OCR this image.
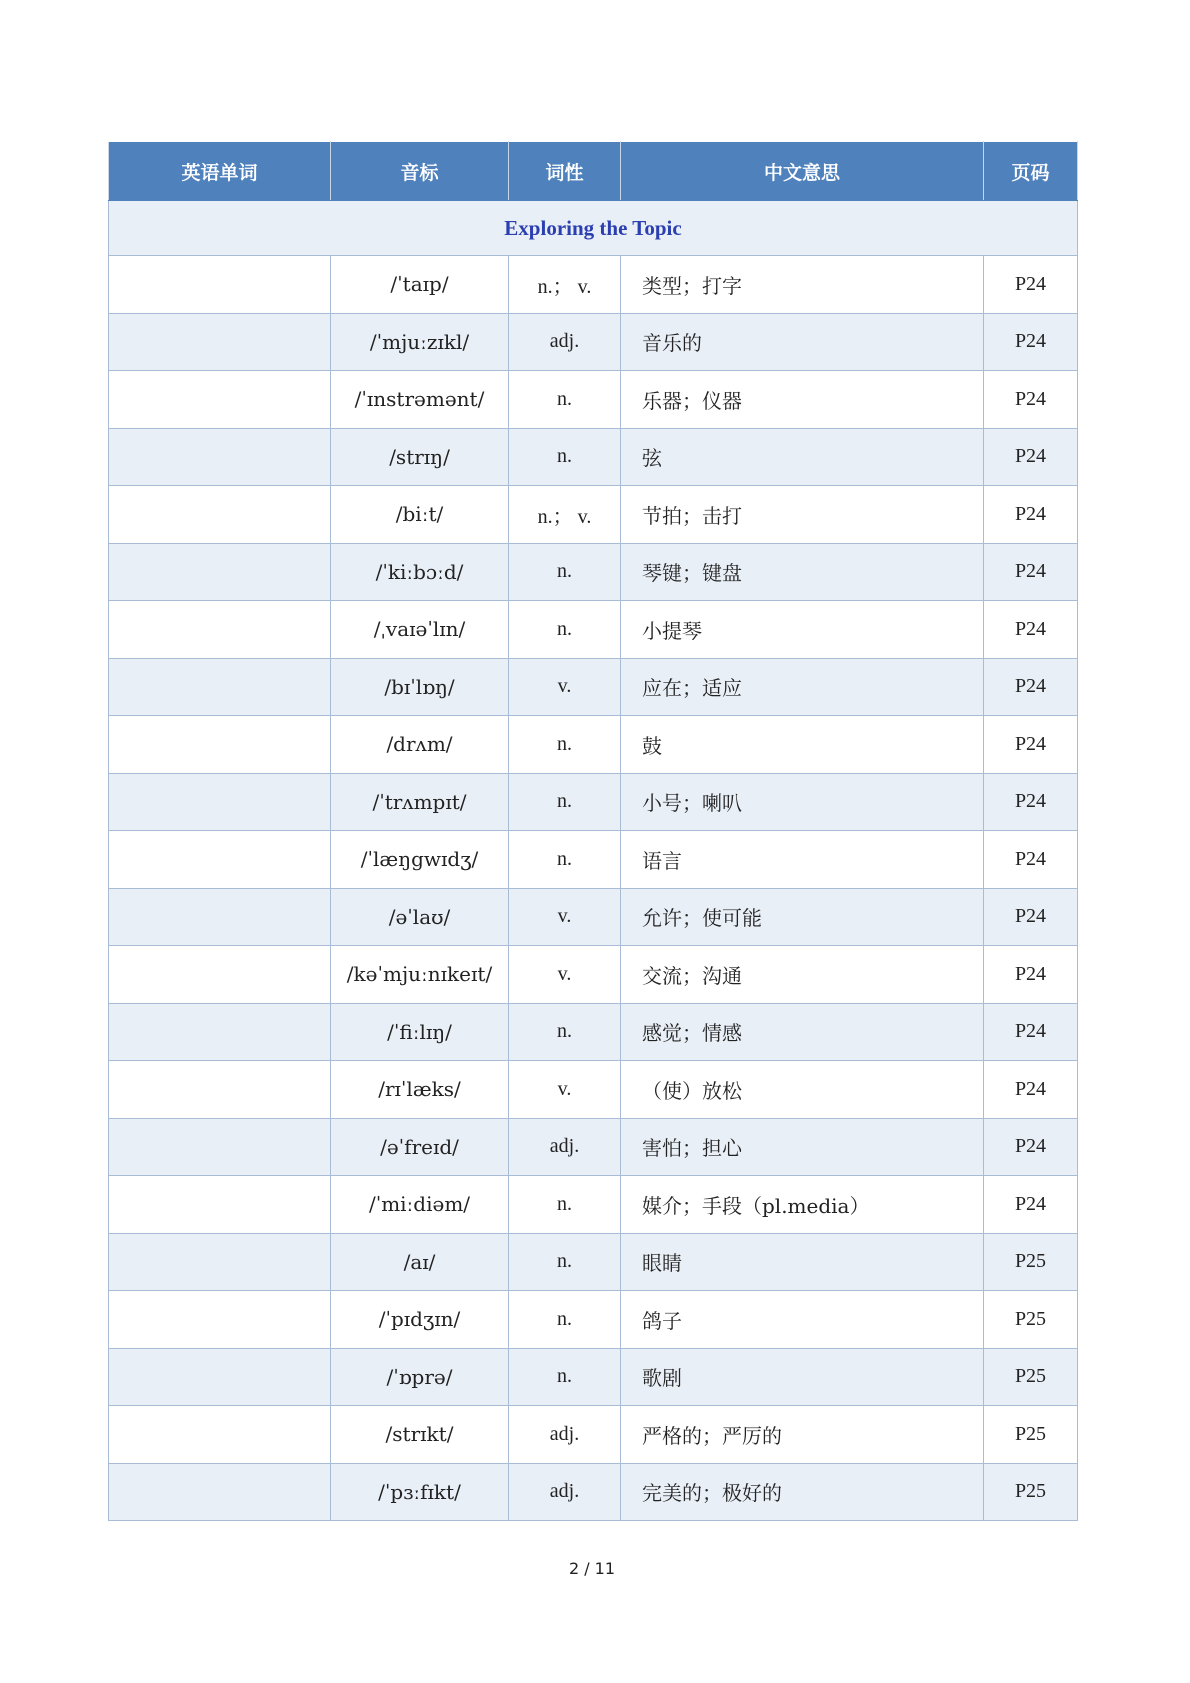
英语单词	音标	词性	中文意思	页码
Exploring the Topic				
	/ˈtaɪp/	n.； v.	类型；打字	P24
	/ˈmjuːzɪkl/	adj.	音乐的	P24
	/ˈɪnstrəmənt/	n.	乐器；仪器	P24
	/strɪŋ/	n.	弦	P24
	/biːt/	n.； v.	节拍；击打	P24
	/ˈkiːbɔːd/	n.	琴键；键盘	P24
	/ˌvaɪəˈlɪn/	n.	小提琴	P24
	/bɪˈlɒŋ/	v.	应在；适应	P24
	/drʌm/	n.	鼓	P24
	/ˈtrʌmpɪt/	n.	小号；喇叭	P24
	/ˈlæŋgwɪdʒ/	n.	语言	P24
	/əˈlaʊ/	v.	允许；使可能	P24
	/kəˈmjuːnɪkeɪt/	v.	交流；沟通	P24
	/ˈfiːlɪŋ/	n.	感觉；情感	P24
	/rɪˈlæks/	v.	（使）放松	P24
	/əˈfreɪd/	adj.	害怕；担心	P24
	/ˈmiːdiəm/	n.	媒介；手段（pl.media）	P24
	/aɪ/	n.	眼睛	P25
	/ˈpɪdʒɪn/	n.	鸽子	P25
	/ˈɒprə/	n.	歌剧	P25
	/strɪkt/	adj.	严格的；严厉的	P25
	/ˈpɜːfɪkt/	adj.	完美的；极好的	P25
2 / 11
